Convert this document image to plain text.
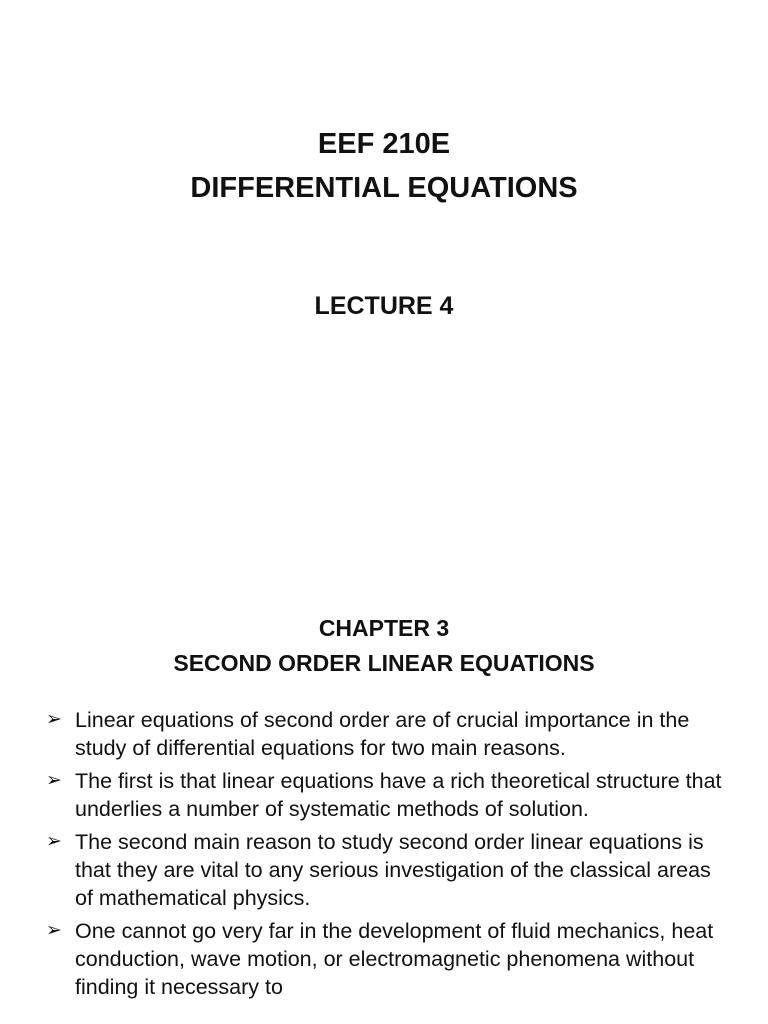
EEF 210E
DIFFERENTIAL EQUATIONS
LECTURE 4
CHAPTER 3
SECOND ORDER LINEAR EQUATIONS
➢ Linear equations of second order are of crucial importance in the study of differential equations for two main reasons.
➢ The first is that linear equations have a rich theoretical structure that underlies a number of systematic methods of solution.
➢ The second main reason to study second order linear equations is that they are vital to any serious investigation of the classical areas of mathematical physics.
➢ One cannot go very far in the development of fluid mechanics, heat conduction, wave motion, or electromagnetic phenomena without finding it necessary to
